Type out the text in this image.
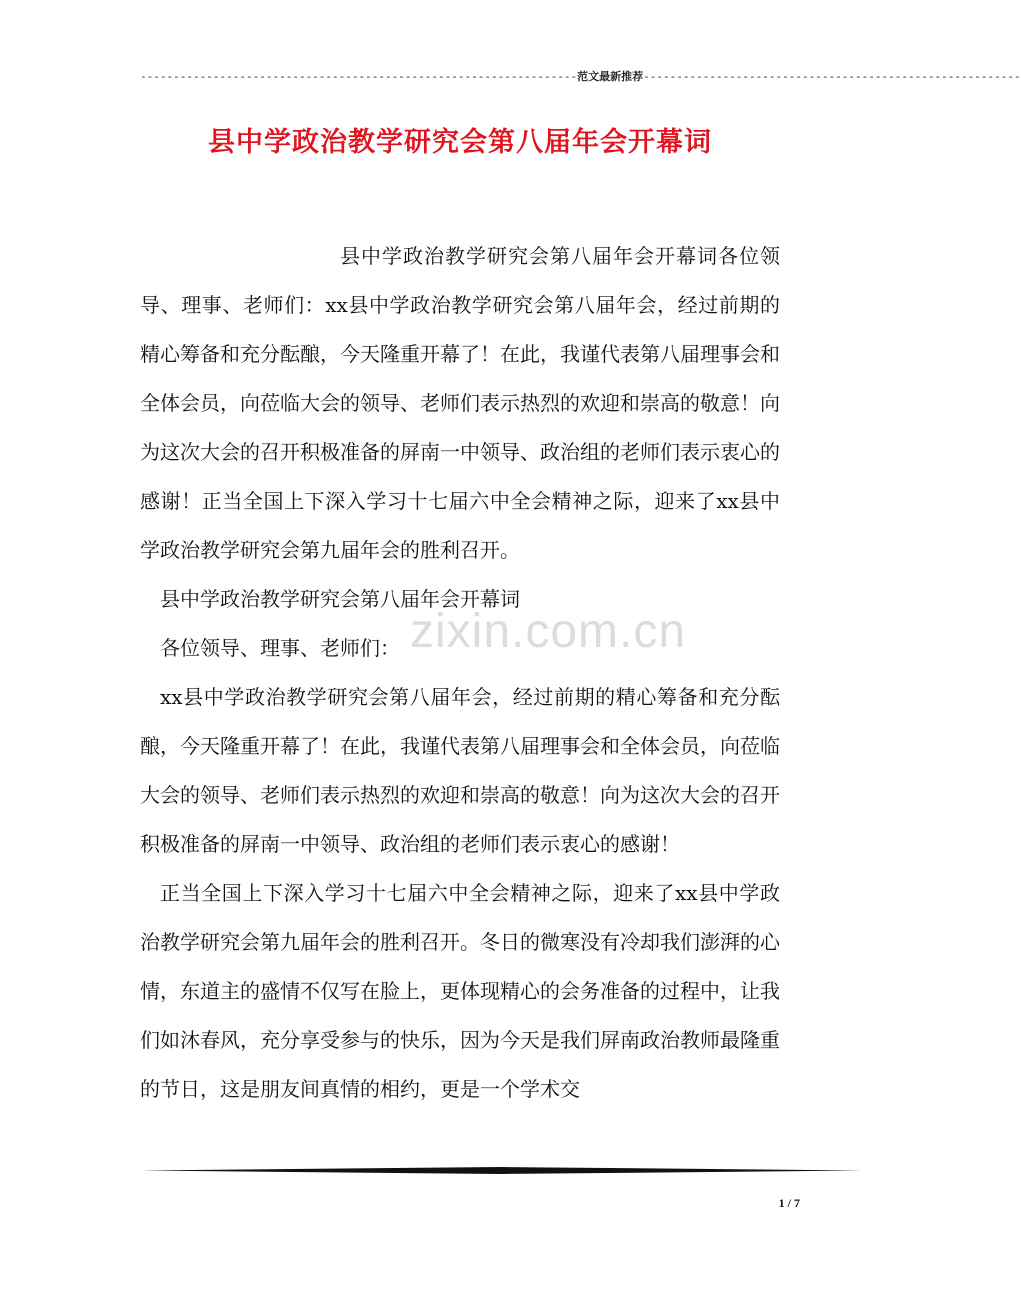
------------------------------------------------------------------范文最新推荐---------------------------------------------------------
县中学政治教学研究会第八届年会开幕词
zixin.com.cn

县中学政治教学研究会第八届年会开幕词各位领导、理事、老师们：xx县中学政治教学研究会第八届年会，经过前期的精心筹备和充分酝酿，今天隆重开幕了！在此，我谨代表第八届理事会和全体会员，向莅临大会的领导、老师们表示热烈的欢迎和崇高的敬意！向为这次大会的召开积极准备的屏南一中领导、政治组的老师们表示衷心的感谢！正当全国上下深入学习十七届六中全会精神之际，迎来了xx县中学政治教学研究会第九届年会的胜利召开。

县中学政治教学研究会第八届年会开幕词

各位领导、理事、老师们：

xx县中学政治教学研究会第八届年会，经过前期的精心筹备和充分酝酿，今天隆重开幕了！在此，我谨代表第八届理事会和全体会员，向莅临大会的领导、老师们表示热烈的欢迎和崇高的敬意！向为这次大会的召开积极准备的屏南一中领导、政治组的老师们表示衷心的感谢！

正当全国上下深入学习十七届六中全会精神之际，迎来了xx县中学政治教学研究会第九届年会的胜利召开。冬日的微寒没有冷却我们澎湃的心情，东道主的盛情不仅写在脸上，更体现精心的会务准备的过程中，让我们如沐春风，充分享受参与的快乐，因为今天是我们屏南政治教师最隆重的节日，这是朋友间真情的相约，更是一个学术交

1 / 7
